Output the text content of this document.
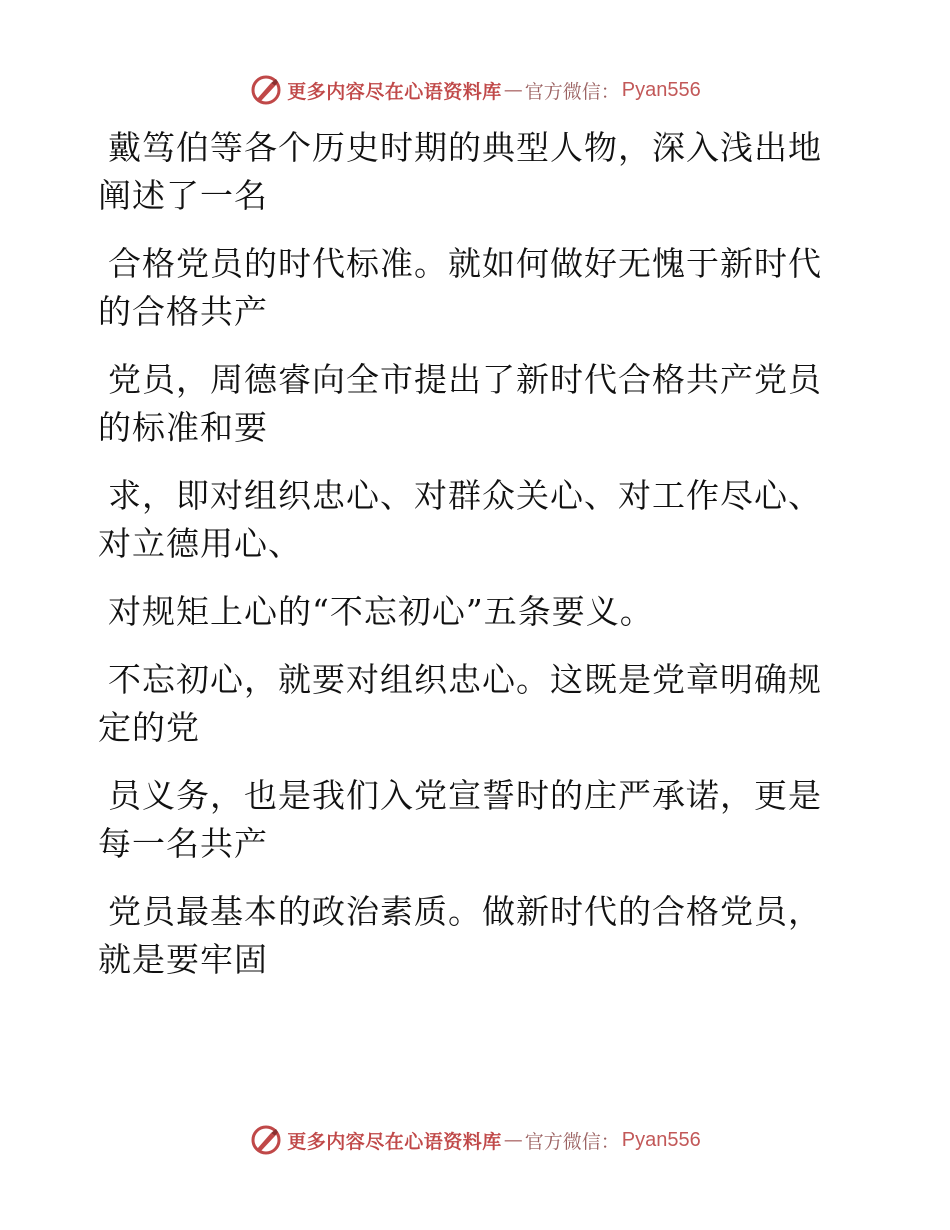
更多内容尽在心语资料库 — 官方微信： Pyan556
戴笃伯等各个历史时期的典型人物，深入浅出地
阐述了一名
合格党员的时代标准。就如何做好无愧于新时代
的合格共产
党员，周德睿向全市提出了新时代合格共产党员
的标准和要
求，即对组织忠心、对群众关心、对工作尽心、
对立德用心、
对规矩上心的“不忘初心”五条要义。
不忘初心，就要对组织忠心。这既是党章明确规
定的党
员义务，也是我们入党宣誓时的庄严承诺，更是
每一名共产
党员最基本的政治素质。做新时代的合格党员，
就是要牢固
更多内容尽在心语资料库 — 官方微信： Pyan556
